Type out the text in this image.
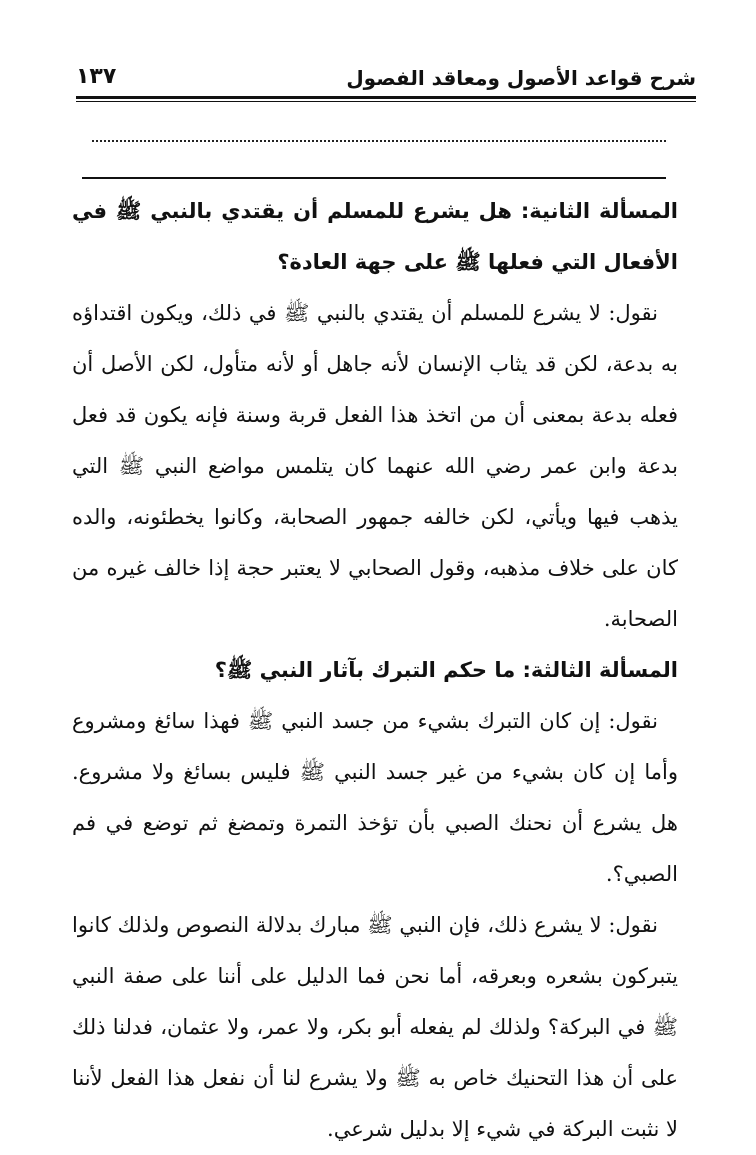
شرح قواعد الأصول ومعاقد الفصول
١٣٧

المسألة الثانية: هل يشرع للمسلم أن يقتدي بالنبي ﷺ في الأفعال التي فعلها ﷺ على جهة العادة؟

نقول: لا يشرع للمسلم أن يقتدي بالنبي ﷺ في ذلك، ويكون اقتداؤه به بدعة، لكن قد يثاب الإنسان لأنه جاهل أو لأنه متأول، لكن الأصل أن فعله بدعة بمعنى أن من اتخذ هذا الفعل قربة وسنة فإنه يكون قد فعل بدعة وابن عمر رضي الله عنهما كان يتلمس مواضع النبي ﷺ التي يذهب فيها ويأتي، لكن خالفه جمهور الصحابة، وكانوا يخطئونه، والده كان على خلاف مذهبه، وقول الصحابي لا يعتبر حجة إذا خالف غيره من الصحابة.

المسألة الثالثة: ما حكم التبرك بآثار النبي ﷺ؟

نقول: إن كان التبرك بشيء من جسد النبي ﷺ فهذا سائغ ومشروع وأما إن كان بشيء من غير جسد النبي ﷺ فليس بسائغ ولا مشروع. هل يشرع أن نحنك الصبي بأن تؤخذ التمرة وتمضغ ثم توضع في فم الصبي؟.

نقول: لا يشرع ذلك، فإن النبي ﷺ مبارك بدلالة النصوص ولذلك كانوا يتبركون بشعره وبعرقه، أما نحن فما الدليل على أننا على صفة النبي ﷺ في البركة؟ ولذلك لم يفعله أبو بكر، ولا عمر، ولا عثمان، فدلنا ذلك على أن هذا التحنيك خاص به ﷺ ولا يشرع لنا أن نفعل هذا الفعل لأننا لا نثبت البركة في شيء إلا بدليل شرعي.
